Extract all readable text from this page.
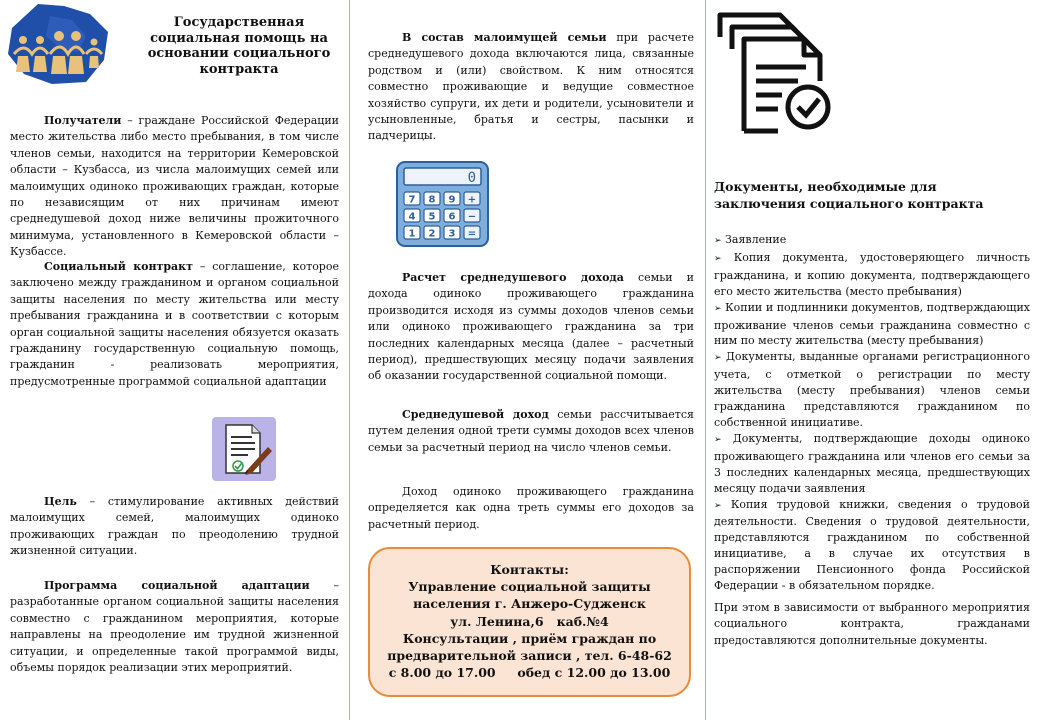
Государственная социальная помощь на основании социального контракта

Получатели – граждане Российской Федерации место жительства либо место пребывания, в том числе членов семьи, находится на территории Кемеровской области – Кузбасса, из числа малоимущих семей или малоимущих одиноко проживающих граждан, которые по независящим от них причинам имеют среднедушевой доход ниже величины прожиточного минимума, установленного в Кемеровской области – Кузбассе.

Социальный контракт – соглашение, которое заключено между гражданином и органом социальной защиты населения по месту жительства или месту пребывания гражданина и в соответствии с которым орган социальной защиты населения обязуется оказать гражданину государственную социальную помощь, гражданин - реализовать мероприятия, предусмотренные программой социальной адаптации

Цель – стимулирование активных действий малоимущих семей, малоимущих одиноко проживающих граждан по преодолению трудной жизненной ситуации.

Программа социальной адаптации – разработанные органом социальной защиты населения совместно с гражданином мероприятия, которые направлены на преодоление им трудной жизненной ситуации, и определенные такой программой виды, объемы порядок реализации этих мероприятий.

В состав малоимущей семьи при расчете среднедушевого дохода включаются лица, связанные родством и (или) свойством. К ним относятся совместно проживающие и ведущие совместное хозяйство супруги, их дети и родители, усыновители и усыновленные, братья и сестры, пасынки и падчерицы.

0
7 8 9 +
4 5 6 −
1 2 3 =

Расчет среднедушевого дохода семьи и дохода одиноко проживающего гражданина производится исходя из суммы доходов членов семьи или одиноко проживающего гражданина за три последних календарных месяца (далее – расчетный период), предшествующих месяцу подачи заявления об оказании государственной социальной помощи.

Среднедушевой доход семьи рассчитывается путем деления одной трети суммы доходов всех членов семьи за расчетный период на число членов семьи.

Доход одиноко проживающего гражданина определяется как одна треть суммы его доходов за расчетный период.

Контакты:
Управление социальной защиты
населения г. Анжеро-Судженск
ул. Ленина,6   каб.№4
Консультации , приём граждан по
предварительной записи , тел. 6-48-62
с 8.00 до 17.00     обед с 12.00 до 13.00
Документы, необходимые для заключения социального контракта

➢ Заявление

➢ Копия документа, удостоверяющего личность гражданина, и копию документа, подтверждающего его место жительства (место пребывания)

➢ Копии и подлинники документов, подтверждающих проживание членов семьи гражданина совместно с ним по месту жительства (месту пребывания)

➢ Документы, выданные органами регистрационного учета, с отметкой о регистрации по месту жительства (месту пребывания) членов семьи гражданина представляются гражданином по собственной инициативе.

➢ Документы, подтверждающие доходы одиноко проживающего гражданина или членов его семьи за 3 последних календарных месяца, предшествующих месяцу подачи заявления

➢ Копия трудовой книжки, сведения о трудовой деятельности. Сведения о трудовой деятельности, представляются гражданином по собственной инициативе, а в случае их отсутствия в распоряжении Пенсионного фонда Российской Федерации - в обязательном порядке.

При этом в зависимости от выбранного мероприятия социального контракта, гражданами предоставляются дополнительные документы.
